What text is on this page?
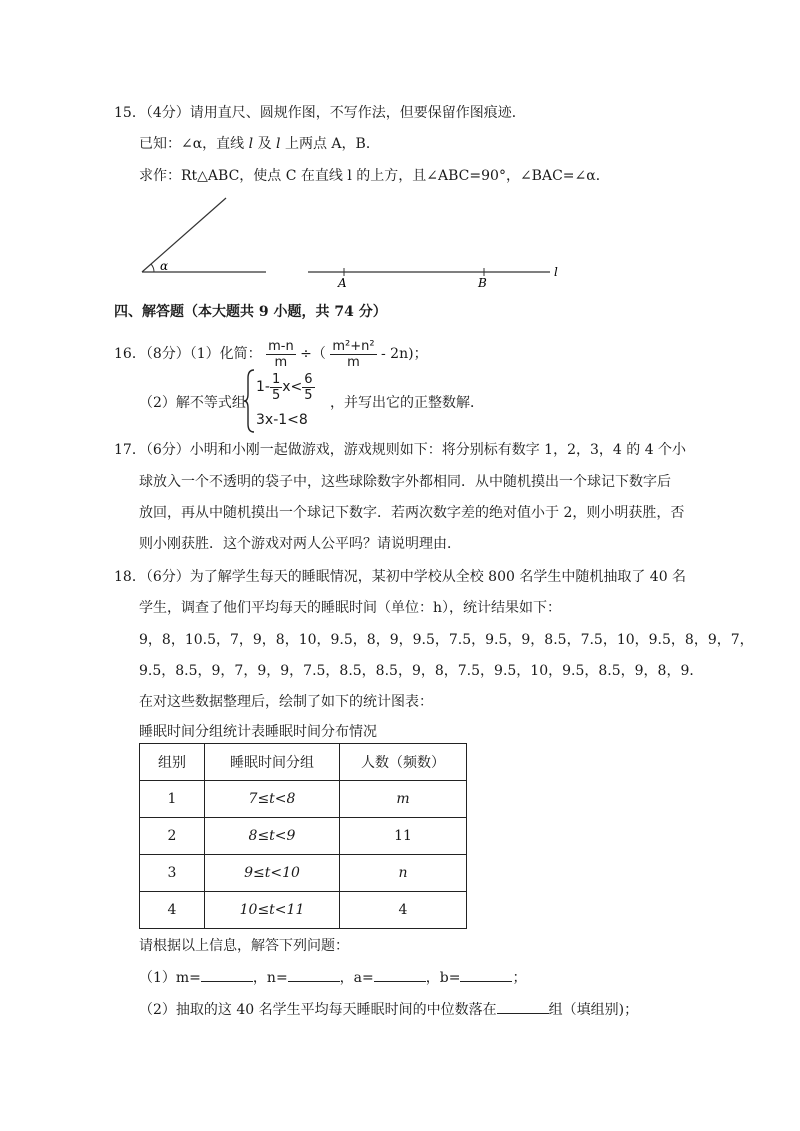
15．（4分）请用直尺、圆规作图，不写作法，但要保留作图痕迹．
已知：∠α，直线 l 及 l 上两点 A，B．
求作：Rt△ABC，使点 C 在直线 l 的上方，且∠ABC=90°，∠BAC=∠α．
α
A	B
l
四、解答题（本大题共 9 小题，共 74 分）
16．（8分）（1）化简： $\frac{m-n}{m}$ ÷（ $\frac{\text{m²+n²}}{m} - 2n$)；
（2）解不等式组
$1- \frac{1}{5} x< \frac{6}{5}$
3x-1<8
，并写出它的正整数解．
17．（6分）小明和小刚一起做游戏，游戏规则如下：将分别标有数字 1，2，3，4 的 4 个小
球放入一个不透明的袋子中，这些球除数字外都相同．从中随机摸出一个球记下数字后
放回，再从中随机摸出一个球记下数字．若两次数字差的绝对值小于 2，则小明获胜，否
则小刚获胜．这个游戏对两人公平吗？请说明理由．
18．（6分）为了解学生每天的睡眠情况，某初中学校从全校 800 名学生中随机抽取了 40 名
学生，调查了他们平均每天的睡眠时间（单位：h），统计结果如下：
9，8，10.5，7，9，8，10，9.5，8，9，9.5，7.5，9.5，9，8.5，7.5，10，9.5，8，9，7，
9.5，8.5，9，7，9，9，7.5，8.5，8.5，9，8，7.5，9.5，10，9.5，8.5，9，8，9．
在对这些数据整理后，绘制了如下的统计图表：
睡眠时间分组统计表睡眠时间分布情况
组别	睡眠时间分组	人数（频数）
1	7≤t<8	m
2	8≤t<9	11
3	9≤t<10	n
4	10≤t<11	4
请根据以上信息，解答下列问题：
（1）m=	，n=	，a=	，b=	；
（2）抽取的这 40 名学生平均每天睡眠时间的中位数落在	组（填组别)；
